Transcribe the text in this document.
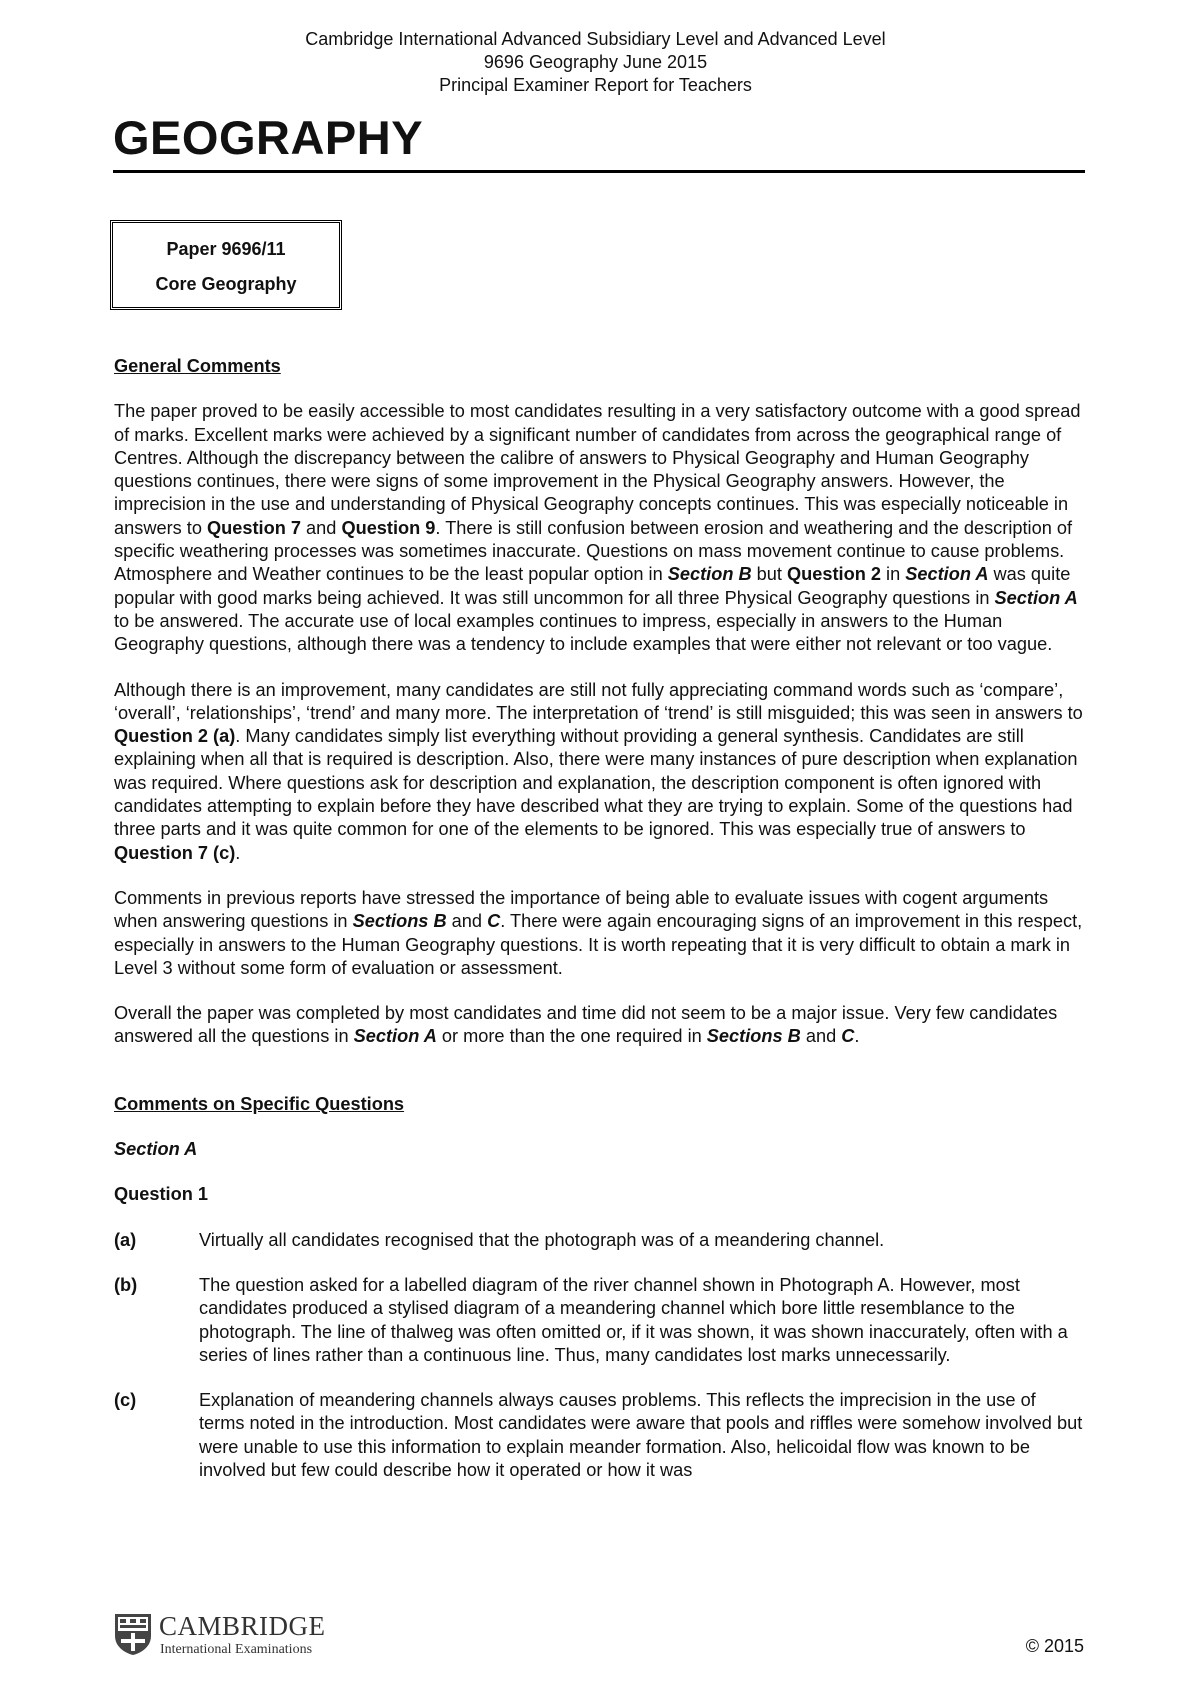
Cambridge International Advanced Subsidiary Level and Advanced Level
9696 Geography June 2015
Principal Examiner Report for Teachers
GEOGRAPHY
Paper 9696/11
Core Geography

General Comments

The paper proved to be easily accessible to most candidates resulting in a very satisfactory outcome with a good spread of marks. Excellent marks were achieved by a significant number of candidates from across the geographical range of Centres. Although the discrepancy between the calibre of answers to Physical Geography and Human Geography questions continues, there were signs of some improvement in the Physical Geography answers. However, the imprecision in the use and understanding of Physical Geography concepts continues. This was especially noticeable in answers to Question 7 and Question 9. There is still confusion between erosion and weathering and the description of specific weathering processes was sometimes inaccurate. Questions on mass movement continue to cause problems. Atmosphere and Weather continues to be the least popular option in Section B but Question 2 in Section A was quite popular with good marks being achieved. It was still uncommon for all three Physical Geography questions in Section A to be answered. The accurate use of local examples continues to impress, especially in answers to the Human Geography questions, although there was a tendency to include examples that were either not relevant or too vague.

Although there is an improvement, many candidates are still not fully appreciating command words such as ‘compare’, ‘overall’, ‘relationships’, ‘trend’ and many more. The interpretation of ‘trend’ is still misguided; this was seen in answers to Question 2 (a). Many candidates simply list everything without providing a general synthesis. Candidates are still explaining when all that is required is description. Also, there were many instances of pure description when explanation was required. Where questions ask for description and explanation, the description component is often ignored with candidates attempting to explain before they have described what they are trying to explain. Some of the questions had three parts and it was quite common for one of the elements to be ignored. This was especially true of answers to Question 7 (c).

Comments in previous reports have stressed the importance of being able to evaluate issues with cogent arguments when answering questions in Sections B and C. There were again encouraging signs of an improvement in this respect, especially in answers to the Human Geography questions. It is worth repeating that it is very difficult to obtain a mark in Level 3 without some form of evaluation or assessment.

Overall the paper was completed by most candidates and time did not seem to be a major issue. Very few candidates answered all the questions in Section A or more than the one required in Sections B and C.

Comments on Specific Questions

Section A

Question 1

(a)	Virtually all candidates recognised that the photograph was of a meandering channel.

(b)	The question asked for a labelled diagram of the river channel shown in Photograph A. However, most candidates produced a stylised diagram of a meandering channel which bore little resemblance to the photograph. The line of thalweg was often omitted or, if it was shown, it was shown inaccurately, often with a series of lines rather than a continuous line. Thus, many candidates lost marks unnecessarily.

(c)	Explanation of meandering channels always causes problems. This reflects the imprecision in the use of terms noted in the introduction. Most candidates were aware that pools and riffles were somehow involved but were unable to use this information to explain meander formation. Also, helicoidal flow was known to be involved but few could describe how it operated or how it was

CAMBRIDGE
International Examinations	© 2015
